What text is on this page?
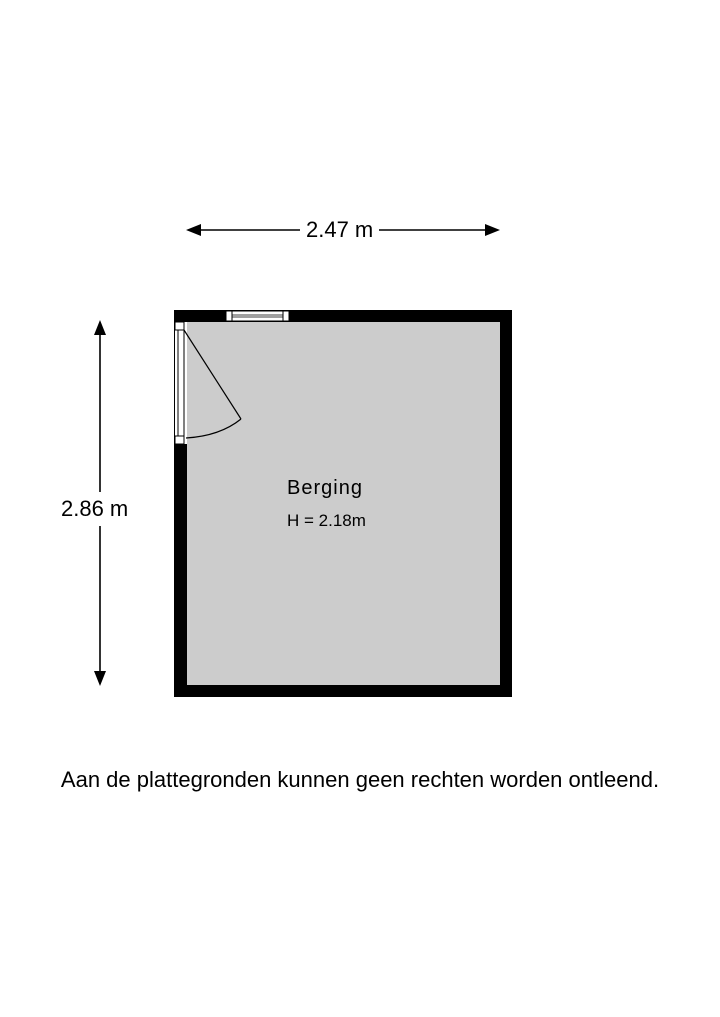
2.47 m
2.86 m
Berging
H = 2.18m
Aan de plattegronden kunnen geen rechten worden ontleend.
